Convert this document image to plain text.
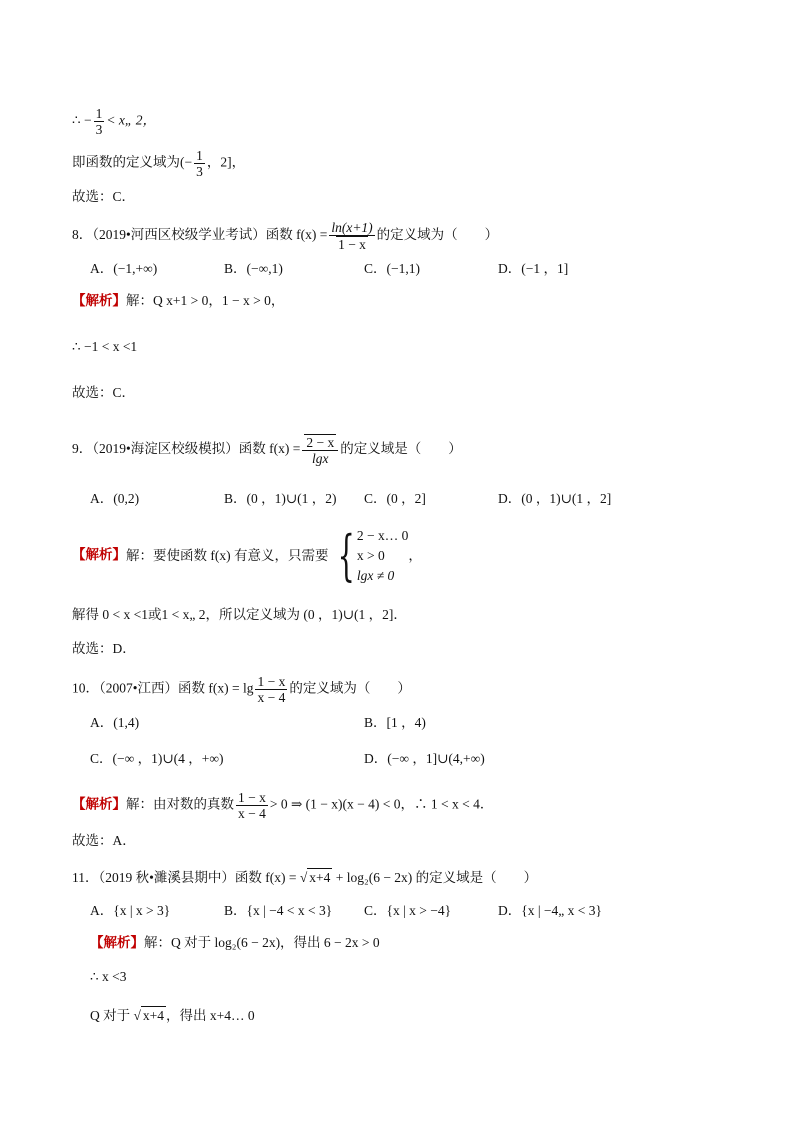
∴ − $\frac{1}{3}$ < x„ 2，
即函数的定义域为(− $\frac{1}{3}$ ，2]，
故选：C．
8．（2019•河西区校级学业考试）函数 $f(x) = \frac{\ln(x+1)}{1 - x}$ 的定义域为（　　）
A．(−1,+∞)	B．(−∞,1)	C．(−1,1)	D．(−1 ，1]
【解析】解：Q x+1 > 0，1 − x > 0，
∴ −1 < x <1
故选：C．
9．（2019•海淀区校级模拟）函数 $f(x) = \frac{2 - x}{\lg x}$ 的定义域是（　　）
A．(0,2)	B．(0 ，1)∪(1 ，2) C．(0 ，2]	D．(0 ，1)∪(1 ，2]
【解析】解：要使函数 f(x) 有意义，只需要 { 2 − x… 0
x > 0
lgx ≠ 0
，
解得 0 < x <1或1 < x„ 2，所以定义域为 (0 ，1)∪(1 ，2]．
故选：D．
10．（2007•江西）函数 $f(x) = \lg \frac{1 - x}{x - 4}$ 的定义域为（　　）
A．(1,4)	B．[1 ，4)
C．(−∞ ，1)∪(4 ，+∞)	D．(−∞ ，1]∪(4,+∞)
【解析】解：由对数的真数 $\frac{1 - x}{x - 4} > 0$ ⇒ (1 − x)(x − 4) < 0，∴ 1 < x < 4．
故选：A．
11．（2019 秋•濉溪县期中）函数 f(x) = √ x+4 + log₂(6 − 2x) 的定义域是（　　）
A．{x | x > 3}	B．{x | −4 < x < 3} C．{x | x > −4}	D．{x | −4„ x < 3}
【解析】解：Q 对于 log₂(6 − 2x)，得出 6 − 2x > 0
∴ x <3
Q 对于 √ x+4 ，得出 x+4… 0
